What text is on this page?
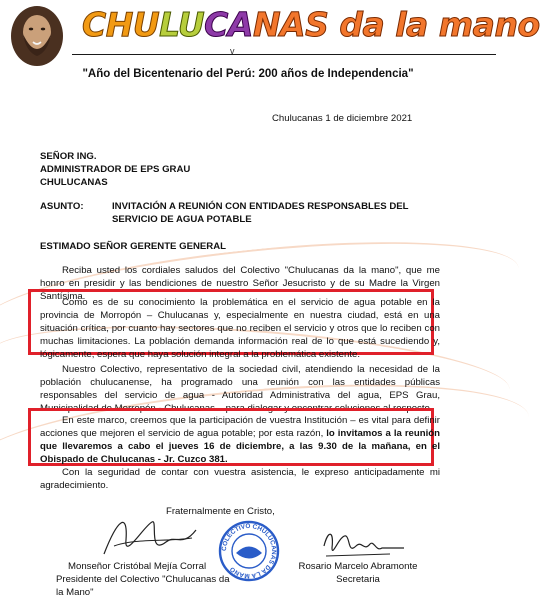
CHULUCANAS da la mano
v
"Año del Bicentenario del Perú: 200 años de Independencia"
Chulucanas 1 de diciembre 2021
SEÑOR ING.
ADMINISTRADOR DE EPS GRAU
CHULUCANAS
ASUNTO:	INVITACIÓN A REUNIÓN CON ENTIDADES RESPONSABLES DEL SERVICIO DE AGUA POTABLE
ESTIMADO SEÑOR GERENTE GENERAL
Reciba usted los cordiales saludos del Colectivo "Chulucanas da la mano", que me honro en presidir y las bendiciones de nuestro Señor Jesucristo y de su Madre la Virgen Santísima.
Como es de su conocimiento la problemática en el servicio de agua potable en la provincia de Morropón – Chulucanas y, especialmente en nuestra ciudad, está en una situación crítica, por cuanto hay sectores que no reciben el servicio y otros que lo reciben con muchas limitaciones. La población demanda información real de lo que está sucediendo y, lógicamente, espera que haya solución integral a la problemática existente.
Nuestro Colectivo, representativo de la sociedad civil, atendiendo la necesidad de la población chulucanense, ha programado una reunión con las entidades públicas responsables del servicio de agua - Autoridad Administrativa del agua, EPS Grau, Municipalidad de Morropón - Chulucanas – para dialogar y encontrar soluciones al respecto.
En este marco, creemos que la participación de vuestra Institución – es vital para definir acciones que mejoren el servicio de agua potable; por esta razón, lo invitamos a la reunión que llevaremos a cabo el jueves 16 de diciembre, a las 9.30 de la mañana, en el Obispado de Chulucanas - Jr. Cuzco 381.
Con la seguridad de contar con vuestra asistencia, le expreso anticipadamente mi agradecimiento.
Fraternalmente en Cristo,
COLECTIVO CHULUCANAS DA LA MANO
Monseñor Cristóbal Mejía Corral
Presidente del Colectivo "Chulucanas da la Mano"
Rosario Marcelo Abramonte
Secretaria
